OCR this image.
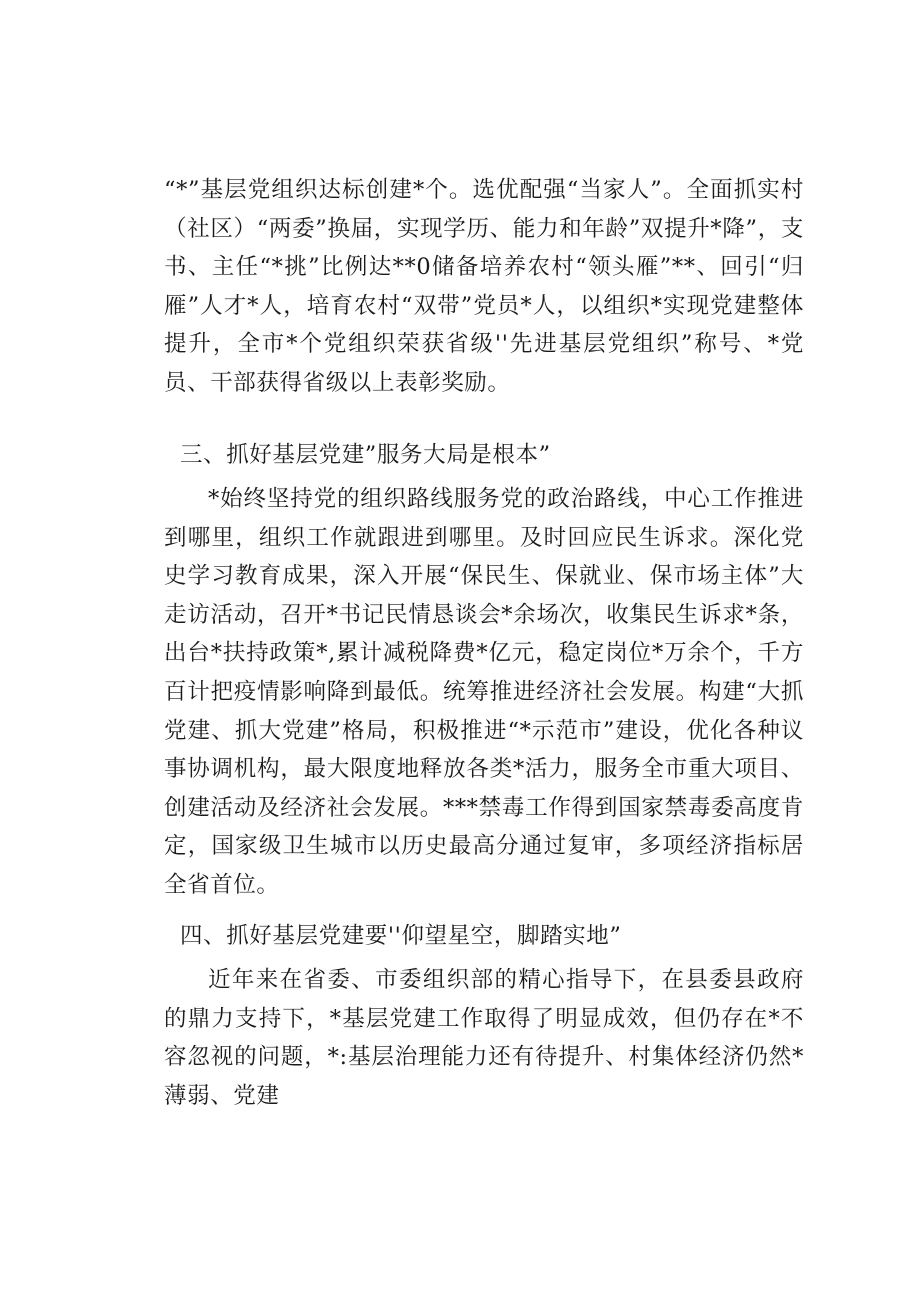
“*”基层党组织达标创建*个。选优配强“当家人”。全面抓实村（社区）“两委”换届，实现学历、能力和年龄”双提升*降”，支书、主任“*挑”比例达**0储备培养农村“领头雁”**、回引“归雁”人才*人，培育农村“双带”党员*人，以组织*实现党建整体提升，全市*个党组织荣获省级''先进基层党组织”称号、*党员、干部获得省级以上表彰奖励。

三、抓好基层党建”服务大局是根本”

*始终坚持党的组织路线服务党的政治路线，中心工作推进到哪里，组织工作就跟进到哪里。及时回应民生诉求。深化党史学习教育成果，深入开展“保民生、保就业、保市场主体”大走访活动，召开*书记民情恳谈会*余场次，收集民生诉求*条，出台*扶持政策*,累计减税降费*亿元，稳定岗位*万余个，千方百计把疫情影响降到最低。统筹推进经济社会发展。构建“大抓党建、抓大党建”格局，积极推进“*示范市”建设，优化各种议事协调机构，最大限度地释放各类*活力，服务全市重大项目、创建活动及经济社会发展。***禁毒工作得到国家禁毒委高度肯定，国家级卫生城市以历史最高分通过复审，多项经济指标居全省首位。

四、抓好基层党建要''仰望星空，脚踏实地”

近年来在省委、市委组织部的精心指导下，在县委县政府的鼎力支持下，*基层党建工作取得了明显成效，但仍存在*不容忽视的问题，*:基层治理能力还有待提升、村集体经济仍然*薄弱、党建
